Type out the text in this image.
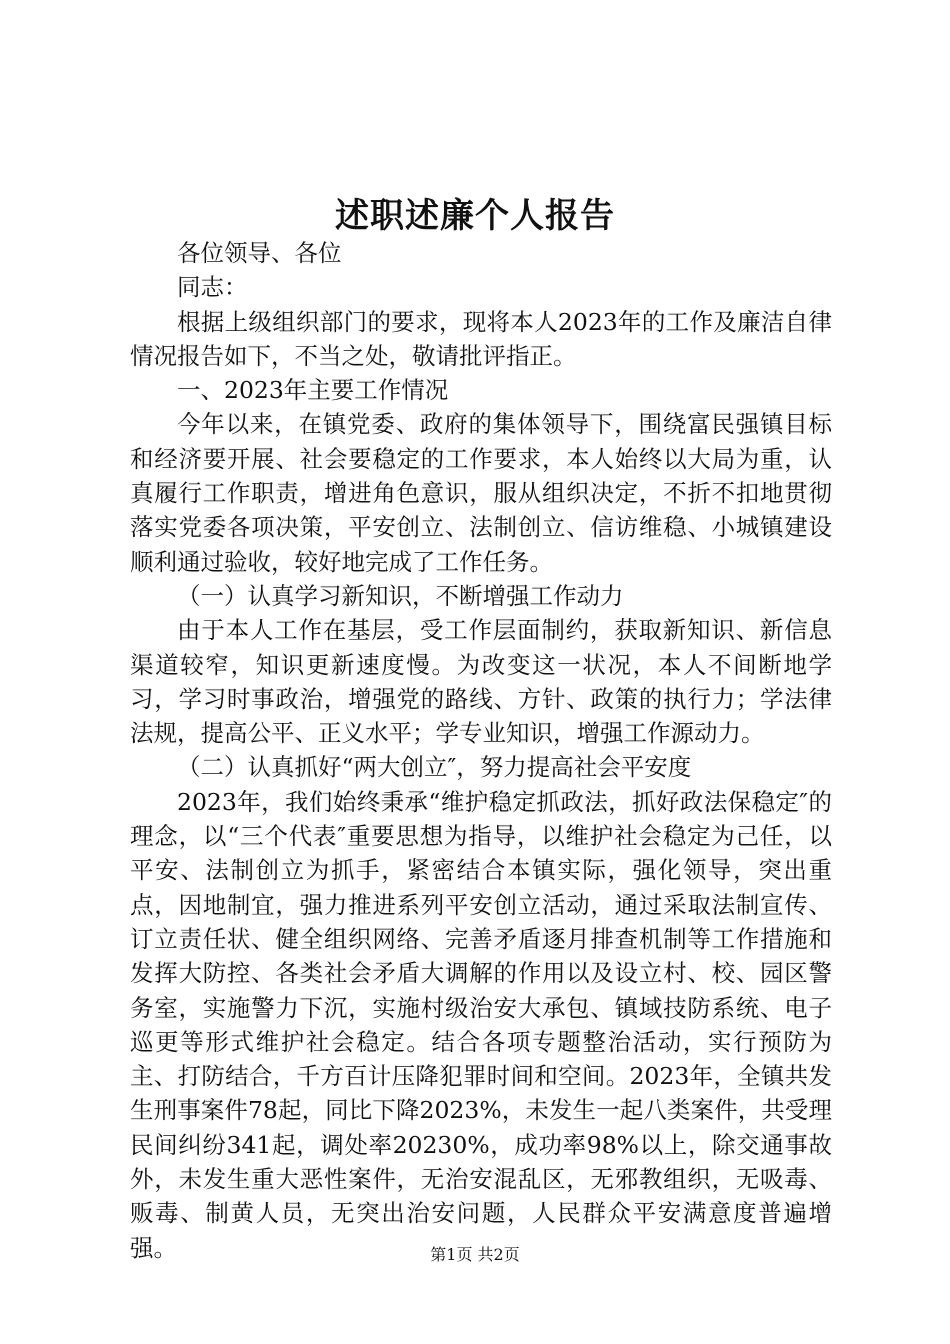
述职述廉个人报告

各位领导、各位

同志：

根据上级组织部门的要求，现将本人2023年的工作及廉洁自律情况报告如下，不当之处，敬请批评指正。

一、2023年主要工作情况

今年以来，在镇党委、政府的集体领导下，围绕富民强镇目标和经济要开展、社会要稳定的工作要求，本人始终以大局为重，认真履行工作职责，增进角色意识，服从组织决定，不折不扣地贯彻落实党委各项决策，平安创立、法制创立、信访维稳、小城镇建设顺利通过验收，较好地完成了工作任务。

（一）认真学习新知识，不断增强工作动力

由于本人工作在基层，受工作层面制约，获取新知识、新信息渠道较窄，知识更新速度慢。为改变这一状况，本人不间断地学习，学习时事政治，增强党的路线、方针、政策的执行力；学法律法规，提高公平、正义水平；学专业知识，增强工作源动力。

（二）认真抓好“两大创立″，努力提高社会平安度

2023年，我们始终秉承“维护稳定抓政法，抓好政法保稳定″的理念，以“三个代表″重要思想为指导，以维护社会稳定为己任，以平安、法制创立为抓手，紧密结合本镇实际，强化领导，突出重点，因地制宜，强力推进系列平安创立活动，通过采取法制宣传、订立责任状、健全组织网络、完善矛盾逐月排查机制等工作措施和发挥大防控、各类社会矛盾大调解的作用以及设立村、校、园区警务室，实施警力下沉，实施村级治安大承包、镇域技防系统、电子巡更等形式维护社会稳定。结合各项专题整治活动，实行预防为主、打防结合，千方百计压降犯罪时间和空间。2023年，全镇共发生刑事案件78起，同比下降2023%，未发生一起八类案件，共受理民间纠纷341起，调处率20230%，成功率98%以上，除交通事故外，未发生重大恶性案件，无治安混乱区，无邪教组织，无吸毒、贩毒、制黄人员，无突出治安问题，人民群众平安满意度普遍增强。	第1页 共2页
